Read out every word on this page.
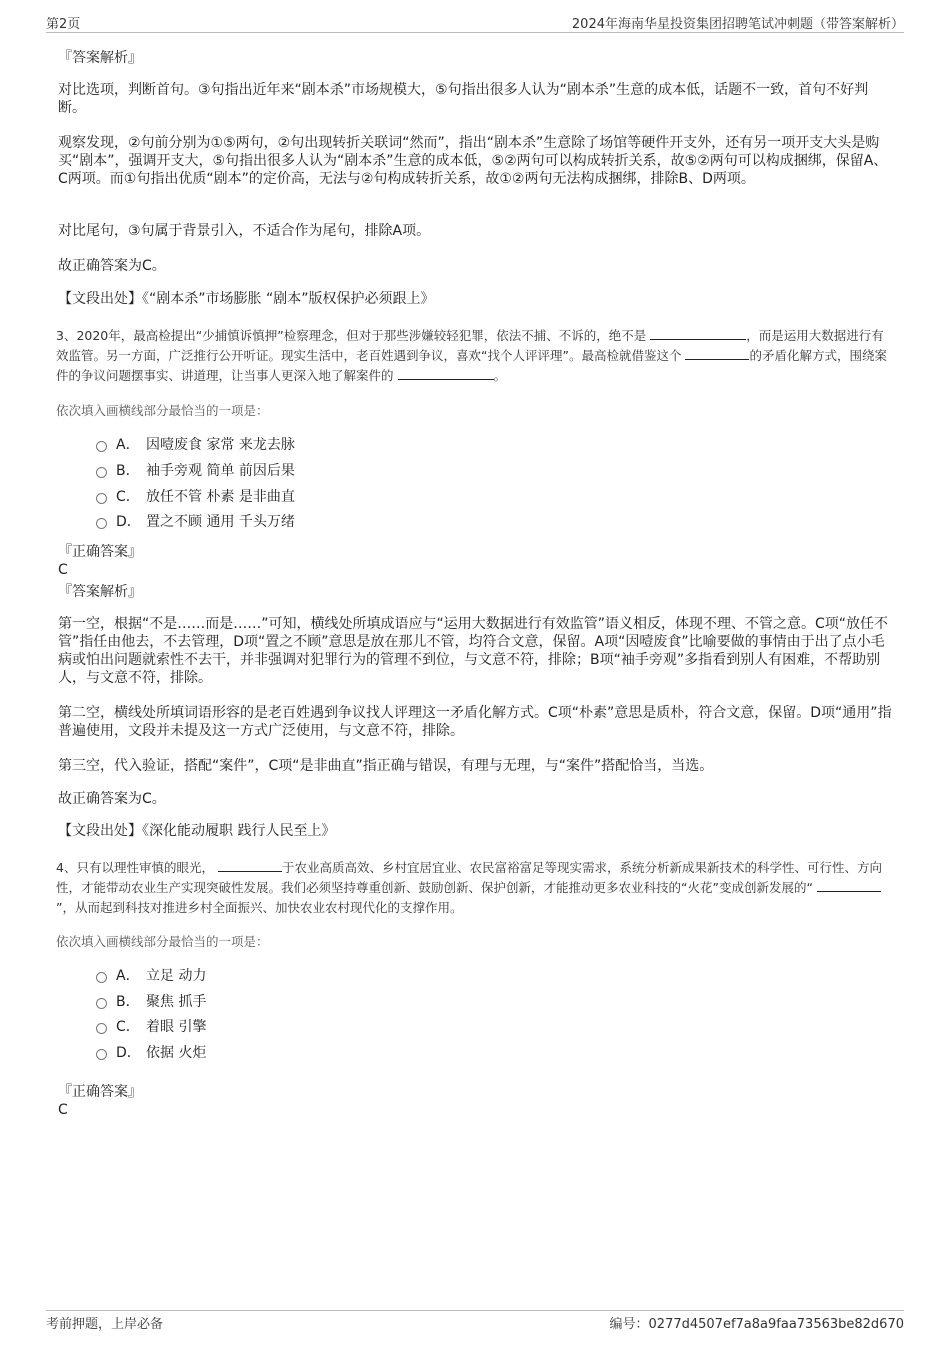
第2页	2024年海南华星投资集团招聘笔试冲刺题（带答案解析）
『答案解析』

对比选项，判断首句。③句指出近年来“剧本杀”市场规模大，⑤句指出很多人认为“剧本杀”生意的成本低，话题不一致，首句不好判断。

观察发现，②句前分别为①⑤两句，②句出现转折关联词“然而”，指出“剧本杀”生意除了场馆等硬件开支外，还有另一项开支大头是购买“剧本”，强调开支大，⑤句指出很多人认为“剧本杀”生意的成本低，⑤②两句可以构成转折关系，故⑤②两句可以构成捆绑，保留A、C两项。而①句指出优质“剧本”的定价高，无法与②句构成转折关系，故①②两句无法构成捆绑，排除B、D两项。

对比尾句，③句属于背景引入，不适合作为尾句，排除A项。

故正确答案为C。

【文段出处】《“剧本杀”市场膨胀 “剧本”版权保护必须跟上》

3、2020年，最高检提出“少捕慎诉慎押”检察理念，但对于那些涉嫌较轻犯罪，依法不捕、不诉的，绝不是	，而是运用大数据进行有效监管。另一方面，广泛推行公开听证。现实生活中，老百姓遇到争议，喜欢“找个人评评理”。最高检就借鉴这个	的矛盾化解方式，围绕案件的争议问题摆事实、讲道理，让当事人更深入地了解案件的	。

依次填入画横线部分最恰当的一项是：

A． 因噎废食 家常 来龙去脉
B． 袖手旁观 简单 前因后果
C． 放任不管 朴素 是非曲直
D． 置之不顾 通用 千头万绪
『正确答案』
C
『答案解析』

第一空，根据“不是……而是……”可知，横线处所填成语应与“运用大数据进行有效监管”语义相反，体现不理、不管之意。C项“放任不管”指任由他去，不去管理，D项“置之不顾”意思是放在那儿不管，均符合文意，保留。A项“因噎废食”比喻要做的事情由于出了点小毛病或怕出问题就索性不去干，并非强调对犯罪行为的管理不到位，与文意不符，排除；B项“袖手旁观”多指看到别人有困难，不帮助别人，与文意不符，排除。

第二空，横线处所填词语形容的是老百姓遇到争议找人评理这一矛盾化解方式。C项“朴素”意思是质朴，符合文意，保留。D项“通用”指普遍使用，文段并未提及这一方式广泛使用，与文意不符，排除。

第三空，代入验证，搭配“案件”，C项“是非曲直”指正确与错误，有理与无理，与“案件”搭配恰当，当选。

故正确答案为C。

【文段出处】《深化能动履职 践行人民至上》

4、只有以理性审慎的眼光，	于农业高质高效、乡村宜居宜业、农民富裕富足等现实需求，系统分析新成果新技术的科学性、可行性、方向性，才能带动农业生产实现突破性发展。我们必须坚持尊重创新、鼓励创新、保护创新，才能推动更多农业科技的“火花”变成创新发展的“ ”，从而起到科技对推进乡村全面振兴、加快农业农村现代化的支撑作用。

依次填入画横线部分最恰当的一项是：

A． 立足 动力
B． 聚焦 抓手
C． 着眼 引擎
D． 依据 火炬
『正确答案』
C
考前押题，上岸必备	编号：0277d4507ef7a8a9faa73563be82d670
